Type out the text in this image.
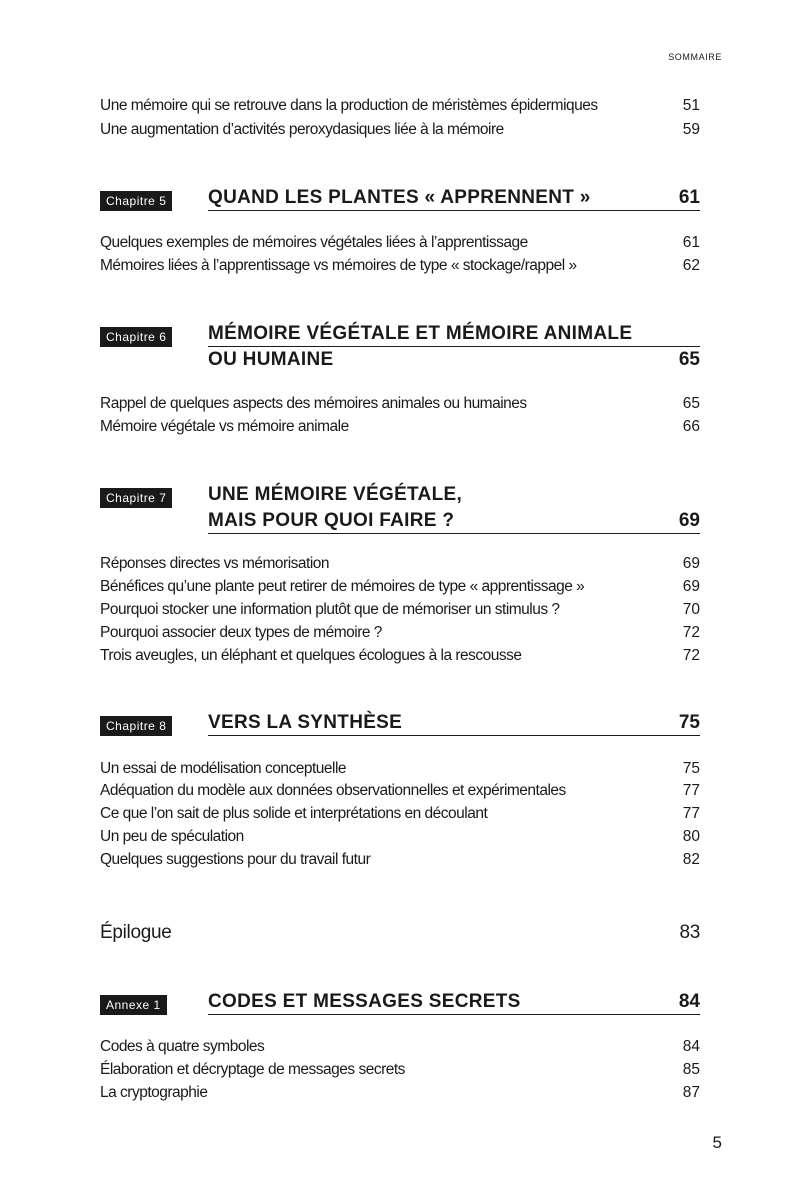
SOMMAIRE
Une mémoire qui se retrouve dans la production de méristèmes épidermiques	51
Une augmentation d’activités peroxydasiques liée à la mémoire	59
Chapitre 5	QUAND LES PLANTES « APPRENNENT »	61
Quelques exemples de mémoires végétales liées à l’apprentissage	61
Mémoires liées à l’apprentissage vs mémoires de type « stockage/rappel »	62
Chapitre 6	MÉMOIRE VÉGÉTALE ET MÉMOIRE ANIMALE
OU HUMAINE	65
Rappel de quelques aspects des mémoires animales ou humaines	65
Mémoire végétale vs mémoire animale	66
Chapitre 7	UNE MÉMOIRE VÉGÉTALE,
MAIS POUR QUOI FAIRE ?	69
Réponses directes vs mémorisation	69
Bénéfices qu’une plante peut retirer de mémoires de type « apprentissage »	69
Pourquoi stocker une information plutôt que de mémoriser un stimulus ?	70
Pourquoi associer deux types de mémoire ?	72
Trois aveugles, un éléphant et quelques écologues à la rescousse	72
Chapitre 8	VERS LA SYNTHÈSE	75
Un essai de modélisation conceptuelle	75
Adéquation du modèle aux données observationnelles et expérimentales	77
Ce que l’on sait de plus solide et interprétations en découlant	77
Un peu de spéculation	80
Quelques suggestions pour du travail futur	82
Épilogue	83
Annexe 1	CODES ET MESSAGES SECRETS	84
Codes à quatre symboles	84
Élaboration et décryptage de messages secrets	85
La cryptographie	87
5
